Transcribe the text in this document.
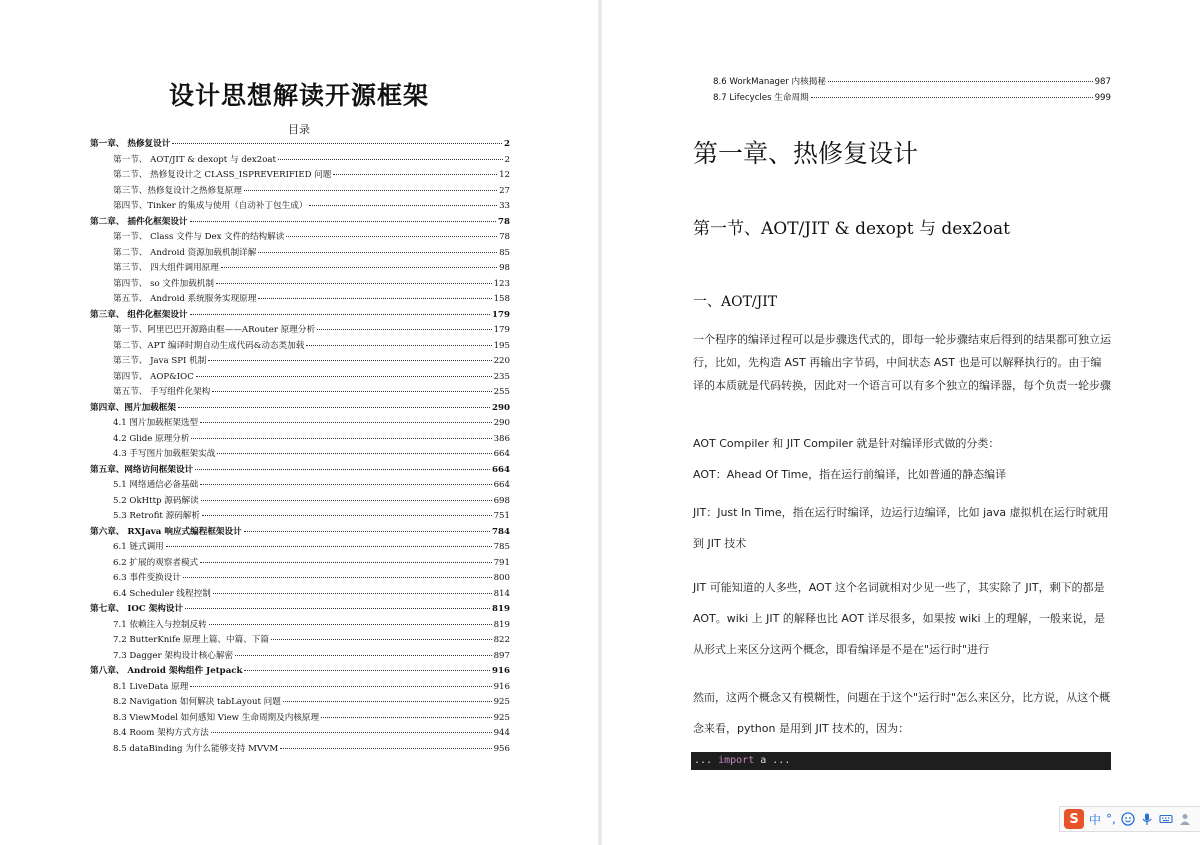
设计思想解读开源框架
目录
第一章、 热修复设计	2
第一节、 AOT/JIT & dexopt 与 dex2oat	2
第二节、 热修复设计之 CLASS_ISPREVERIFIED 问题	12
第三节、热修复设计之热修复原理	27
第四节、Tinker 的集成与使用（自动补丁包生成）	33
第二章、 插件化框架设计	78
第一节、 Class 文件与 Dex 文件的结构解读	78
第二节、 Android 资源加载机制详解	85
第三节、 四大组件调用原理	98
第四节、 so 文件加载机制	123
第五节、 Android 系统服务实现原理	158
第三章、 组件化框架设计	179
第一节、阿里巴巴开源路由框——ARouter 原理分析	179
第二节、APT 编译时期自动生成代码&动态类加载	195
第三节、 Java SPI 机制	220
第四节、 AOP&IOC	235
第五节、 手写组件化架构	255
第四章、图片加载框架	290
4.1 图片加载框架选型	290
4.2 Glide 原理分析	386
4.3 手写图片加载框架实战	664
第五章、网络访问框架设计	664
5.1 网络通信必备基础	664
5.2 OkHttp 源码解读	698
5.3 Retrofit 源码解析	751
第六章、 RXJava 响应式编程框架设计	784
6.1 链式调用	785
6.2 扩展的观察者模式	791
6.3 事件变换设计	800
6.4 Scheduler 线程控制	814
第七章、 IOC 架构设计	819
7.1 依赖注入与控制反转	819
7.2 ButterKnife 原理上篇、中篇、下篇	822
7.3 Dagger 架构设计核心解密	897
第八章、 Android 架构组件 Jetpack	916
8.1 LiveData 原理	916
8.2 Navigation 如何解决 tabLayout 问题	925
8.3 ViewModel 如何感知 View 生命周期及内核原理	925
8.4 Room 架构方式方法	944
8.5 dataBinding 为什么能够支持 MVVM	956
8.6 WorkManager 内核揭秘	987
8.7 Lifecycles 生命周期	999
第一章、热修复设计
第一节、AOT/JIT & dexopt 与 dex2oat
一、AOT/JIT
一个程序的编译过程可以是步骤迭代式的，即每一轮步骤结束后得到的结果都可独立运行，比如，先构造 AST 再输出字节码，中间状态 AST 也是可以解释执行的。由于编译的本质就是代码转换，因此对一个语言可以有多个独立的编译器，每个负责一轮步骤
AOT Compiler 和 JIT Compiler 就是针对编译形式做的分类：
AOT：Ahead Of Time，指在运行前编译，比如普通的静态编译
JIT：Just In Time，指在运行时编译，边运行边编译，比如 java 虚拟机在运行时就用到 JIT 技术
JIT 可能知道的人多些，AOT 这个名词就相对少见一些了，其实除了 JIT，剩下的都是 AOT。wiki 上 JIT 的解释也比 AOT 详尽很多，如果按 wiki 上的理解，一般来说，是从形式上来区分这两个概念，即看编译是不是在"运行时"进行
然而，这两个概念又有模糊性，问题在于这个"运行时"怎么来区分，比方说，从这个概念来看，python 是用到 JIT 技术的，因为：
... import a ...
S 中 °,
